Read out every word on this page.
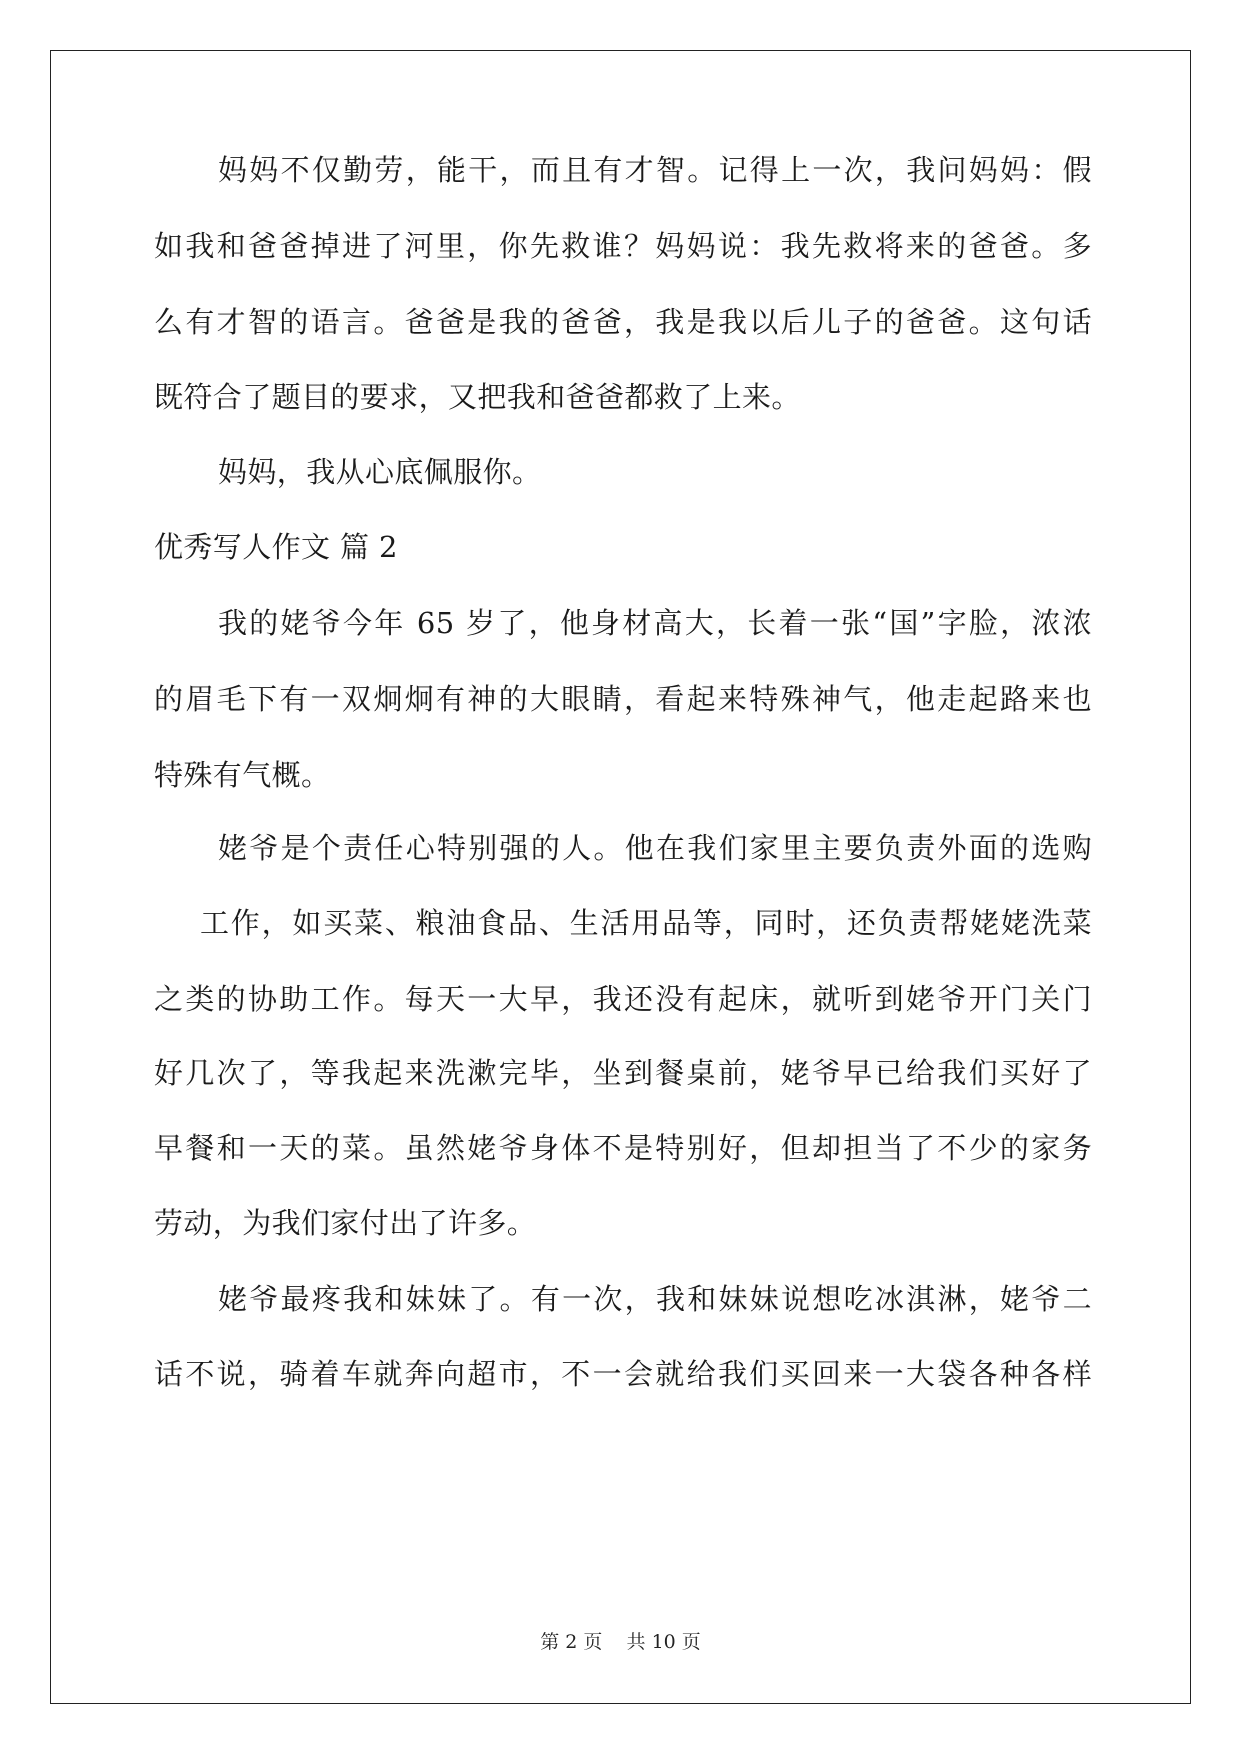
妈妈不仅勤劳，能干，而且有才智。记得上一次，我问妈妈：假
如我和爸爸掉进了河里，你先救谁？妈妈说：我先救将来的爸爸。多
么有才智的语言。爸爸是我的爸爸，我是我以后儿子的爸爸。这句话
既符合了题目的要求，又把我和爸爸都救了上来。
妈妈，我从心底佩服你。
优秀写人作文 篇 2
我的姥爷今年 65 岁了，他身材高大，长着一张“国”字脸，浓浓
的眉毛下有一双炯炯有神的大眼睛，看起来特殊神气，他走起路来也
特殊有气概。
姥爷是个责任心特别强的人。他在我们家里主要负责外面的选购
工作，如买菜、粮油食品、生活用品等，同时，还负责帮姥姥洗菜
之类的协助工作。每天一大早，我还没有起床，就听到姥爷开门关门
好几次了，等我起来洗漱完毕，坐到餐桌前，姥爷早已给我们买好了
早餐和一天的菜。虽然姥爷身体不是特别好，但却担当了不少的家务
劳动，为我们家付出了许多。
姥爷最疼我和妹妹了。有一次，我和妹妹说想吃冰淇淋，姥爷二
话不说，骑着车就奔向超市，不一会就给我们买回来一大袋各种各样
第 2 页    共 10 页
